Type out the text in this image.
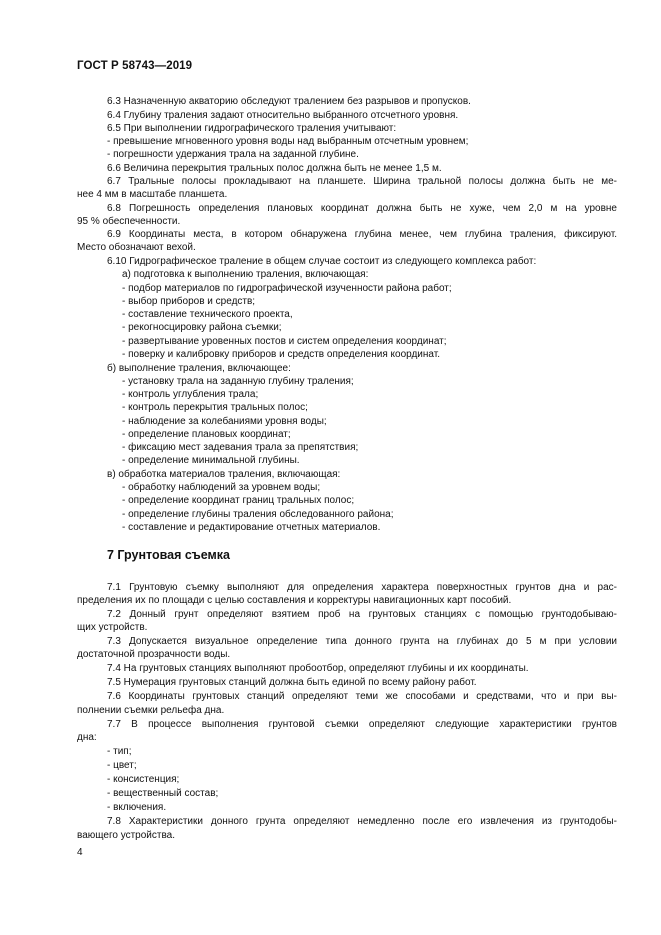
ГОСТ Р 58743—2019
6.3 Назначенную акваторию обследуют тралением без разрывов и пропусков.
6.4 Глубину траления задают относительно выбранного отсчетного уровня.
6.5 При выполнении гидрографического траления учитывают:
- превышение мгновенного уровня воды над выбранным отсчетным уровнем;
- погрешности удержания трала на заданной глубине.
6.6 Величина перекрытия тральных полос должна быть не менее 1,5 м.
6.7 Тральные полосы прокладывают на планшете. Ширина тральной полосы должна быть не ме-
нее 4 мм в масштабе планшета.
6.8 Погрешность определения плановых координат должна быть не хуже, чем 2,0 м на уровне
95 % обеспеченности.
6.9 Координаты места, в котором обнаружена глубина менее, чем глубина траления, фиксируют.
Место обозначают вехой.
6.10 Гидрографическое траление в общем случае состоит из следующего комплекса работ:
а) подготовка к выполнению траления, включающая:
- подбор материалов по гидрографической изученности района работ;
- выбор приборов и средств;
- составление технического проекта,
- рекогносцировку района съемки;
- развертывание уровенных постов и систем определения координат;
- поверку и калибровку приборов и средств определения координат.
б) выполнение траления, включающее:
- установку трала на заданную глубину траления;
- контроль углубления трала;
- контроль перекрытия тральных полос;
- наблюдение за колебаниями уровня воды;
- определение плановых координат;
- фиксацию мест задевания трала за препятствия;
- определение минимальной глубины.
в) обработка материалов траления, включающая:
- обработку наблюдений за уровнем воды;
- определение координат границ тральных полос;
- определение глубины траления обследованного района;
- составление и редактирование отчетных материалов.
7 Грунтовая съемка
7.1 Грунтовую съемку выполняют для определения характера поверхностных грунтов дна и рас-
пределения их по площади с целью составления и корректуры навигационных карт пособий.
7.2 Донный грунт определяют взятием проб на грунтовых станциях с помощью грунтодобываю-
щих устройств.
7.3 Допускается визуальное определение типа донного грунта на глубинах до 5 м при условии
достаточной прозрачности воды.
7.4 На грунтовых станциях выполняют пробоотбор, определяют глубины и их координаты.
7.5 Нумерация грунтовых станций должна быть единой по всему району работ.
7.6 Координаты грунтовых станций определяют теми же способами и средствами, что и при вы-
полнении съемки рельефа дна.
7.7 В процессе выполнения грунтовой съемки определяют следующие характеристики грунтов
дна:
- тип;
- цвет;
- консистенция;
- вещественный состав;
- включения.
7.8 Характеристики донного грунта определяют немедленно после его извлечения из грунтодобы-
вающего устройства.
4
